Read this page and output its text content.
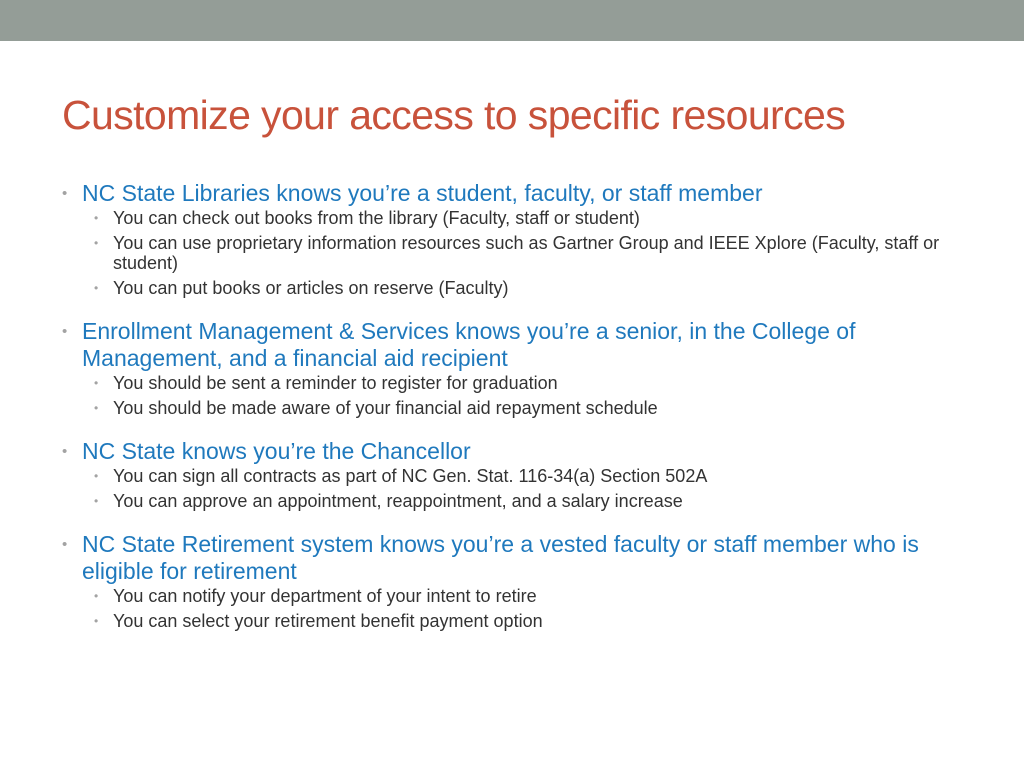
Customize your access to specific resources
• NC State Libraries knows you’re a student, faculty, or staff member
• You can check out books from the library (Faculty, staff or student)
• You can use proprietary information resources such as Gartner Group and IEEE Xplore (Faculty, staff or student)
• You can put books or articles on reserve (Faculty)
• Enrollment Management & Services knows you’re a senior, in the College of Management, and a financial aid recipient
• You should be sent a reminder to register for graduation
• You should be made aware of your financial aid repayment schedule
• NC State knows you’re the Chancellor
• You can sign all contracts as part of NC Gen. Stat. 116-34(a) Section 502A
• You can approve an appointment, reappointment, and a salary increase
• NC State Retirement system knows you’re a vested faculty or staff member who is eligible for retirement
• You can notify your department of your intent to retire
• You can select your retirement benefit payment option
